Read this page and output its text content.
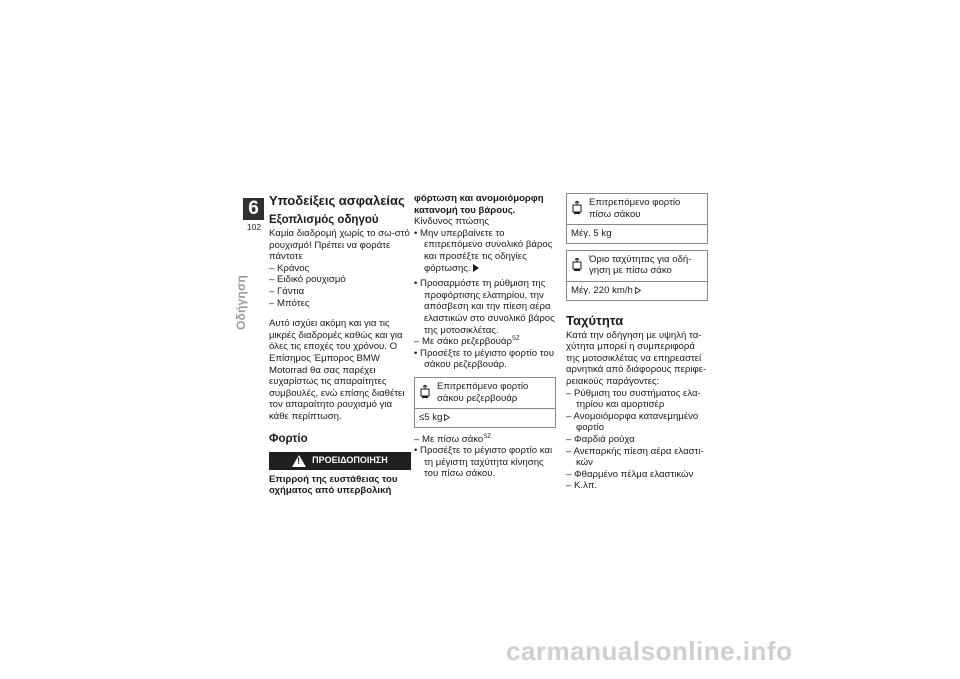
6
102
Οδήγηση
Υποδείξεις ασφαλείας
Εξοπλισμός οδηγού

Καμία διαδρομή χωρίς το σω-στό ρουχισμό! Πρέπει να φοράτε πάντοτε

– Κράνος

– Ειδικό ρουχισμό

– Γάντια

– Μπότες

Αυτό ισχύει ακόμη και για τις μικρές διαδρομές καθώς και για όλες τις εποχές του χρόνου. Ο Επίσημος Έμπορος BMW Motorrad θα σας παρέχει ευχαρίστως τις απαραίτητες συμβουλές, ενώ επίσης διαθέτει τον απαραίτητο ρουχισμό για κάθε περίπτωση.

Φορτίο
!
ΠΡΟΕΙΔΟΠΟΙΗΣΗ

Επιρροή της ευστάθειας του οχήματος από υπερβολική

φόρτωση και ανομοιόμορφη κατανομή του βάρους.

Κίνδυνος πτώσης

• Μην υπερβαίνετε το επιτρεπόμενο συνολικό βάρος και προσέξτε τις οδηγίες φόρτωσης.

• Προσαρμόστε τη ρύθμιση της προφόρτισης ελατηρίου, την απόσβεση και την πίεση αέρα ελαστικών στο συνολικό βάρος της μοτοσικλέτας.

– Με σάκο ρεζερβουάρ$^{SZ}$

• Προσέξτε το μέγιστο φορτίο του σάκου ρεζερβουάρ.

Επιτρεπόμενο φορτίο σάκου ρεζερβουάρ
≤5 kg

– Με πίσω σάκο$^{SZ}$

• Προσέξτε το μέγιστο φορτίο και τη μέγιστη ταχύτητα κίνησης του πίσω σάκου.

Επιτρεπόμενο φορτίο πίσω σάκου
Μέγ. 5 kg
Όριο ταχύτητας για οδή-γηση με πίσω σάκο
Μέγ. 220 km/h
Ταχύτητα

Κατά την οδήγηση με υψηλή τα-χύτητα μπορεί η συμπεριφορά της μοτοσικλέτας να επηρεαστεί αρνητικά από διάφορους περιφε-ρειακούς παράγοντες:

– Ρύθμιση του συστήματος ελα-τηρίου και αμορτισέρ

– Ανομοιόμορφα κατανεμημένο φορτίο

– Φαρδιά ρούχα

– Ανεπαρκής πίεση αέρα ελαστι-κών

– Φθαρμένο πέλμα ελαστικών

– Κ.λπ.

carmanualsonline.info
